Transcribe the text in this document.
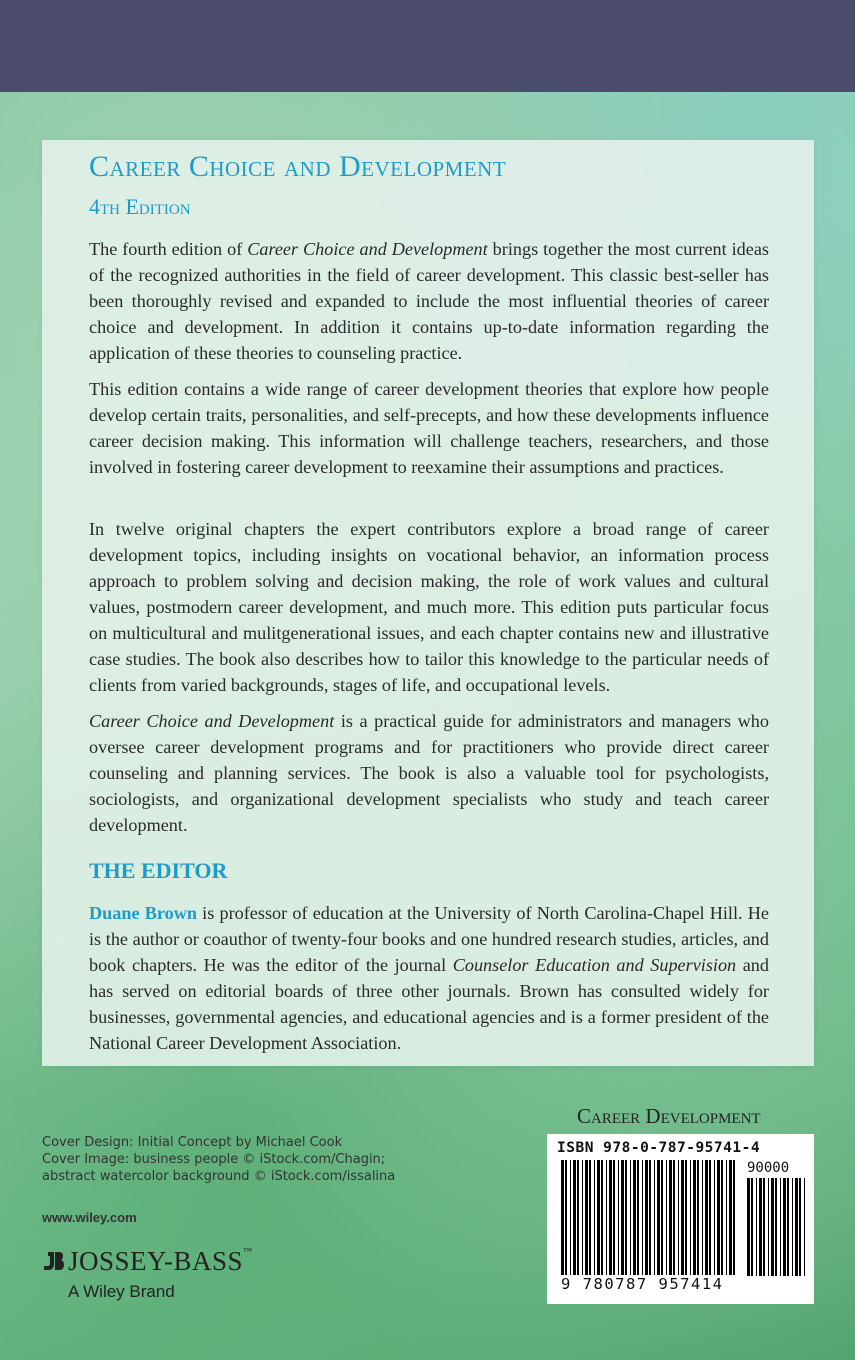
Career Choice and Development
4th Edition

The fourth edition of Career Choice and Development brings together the most current ideas of the recognized authorities in the field of career development. This classic best-seller has been thoroughly revised and expanded to include the most influential theories of career choice and development. In addition it contains up-to-date information regarding the application of these theories to counseling practice.

This edition contains a wide range of career development theories that explore how people develop certain traits, personalities, and self-precepts, and how these developments influence career decision making. This information will challenge teachers, researchers, and those involved in fostering career development to reexamine their assumptions and practices.

In twelve original chapters the expert contributors explore a broad range of career development topics, including insights on vocational behavior, an information process approach to problem solving and decision making, the role of work values and cultural values, postmodern career development, and much more. This edition puts particular focus on multicultural and mulitgenerational issues, and each chapter contains new and illustrative case studies. The book also describes how to tailor this knowledge to the particular needs of clients from varied backgrounds, stages of life, and occupational levels.

Career Choice and Development is a practical guide for administrators and managers who oversee career development programs and for practitioners who provide direct career counseling and planning services. The book is also a valuable tool for psychologists, sociologists, and organizational development specialists who study and teach career development.

THE EDITOR

Duane Brown is professor of education at the University of North Carolina-Chapel Hill. He is the author or coauthor of twenty-four books and one hundred research studies, articles, and book chapters. He was the editor of the journal Counselor Education and Supervision and has served on editorial boards of three other journals. Brown has consulted widely for businesses, governmental agencies, and educational agencies and is a former president of the National Career Development Association.

Career Development
Cover Design: Initial Concept by Michael Cook
Cover Image: business people © iStock.com/Chagin;
abstract watercolor background © iStock.com/issalina
www.wiley.com
JOSSEY-BASS™
A Wiley Brand
ISBN 978-0-787-95741-4
90000
9 780787 957414
